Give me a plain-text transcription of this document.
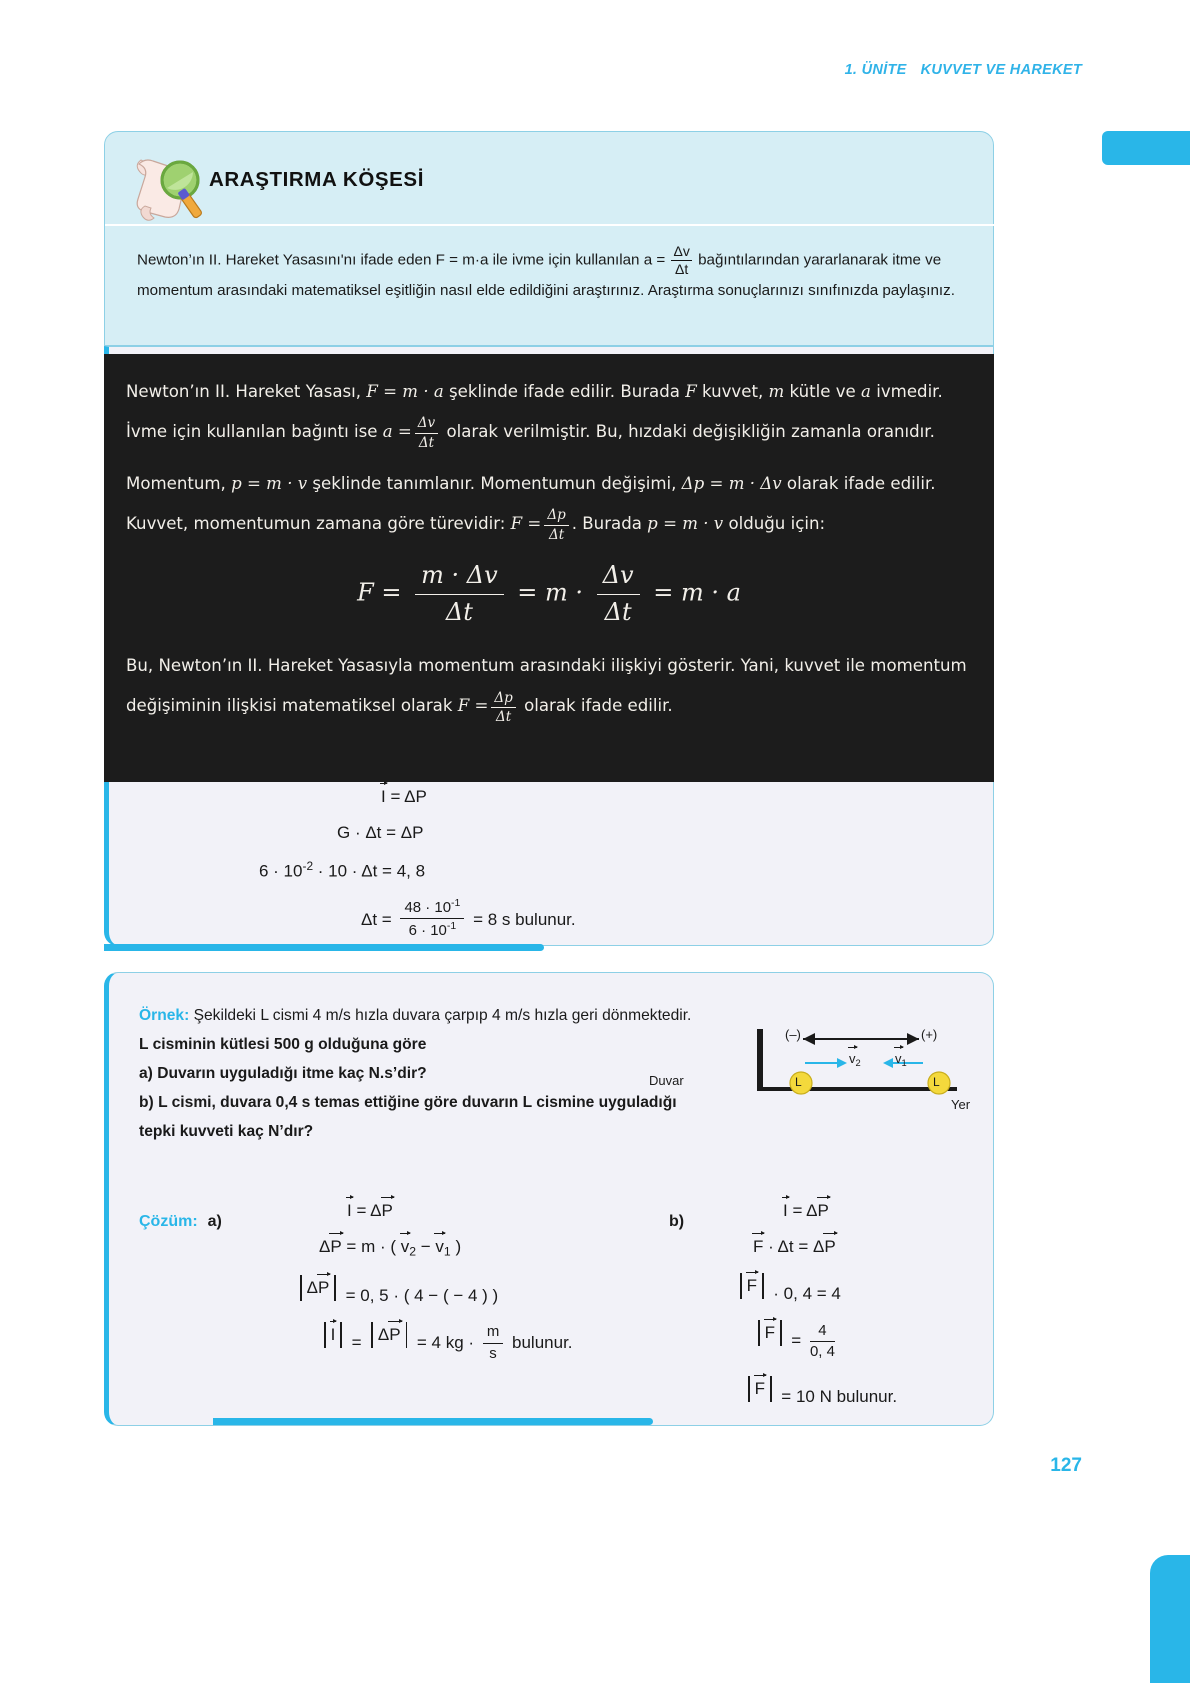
1. ÜNİTE KUVVET VE HAREKET
ARAŞTIRMA KÖŞESİ

Newton’ın II. Hareket Yasasını'nı ifade eden F = m·a ile ivme için kullanılan $a = \frac{\Delta v}{\Delta t}$ bağıntılarından yararlanarak itme ve momentum arasındaki matematiksel eşitliğin nasıl elde edildiğini araştırınız. Araştırma sonuçlarınızı sınıfınızda paylaşınız.

I = ΔP
G · Δt = ΔP
$6 \cdot 10^{-2} \cdot 10 \cdot \Delta t = 4$, 8
$\Delta t = \frac{48 \cdot 10^{-1}}{6 \cdot 10^{-1}} = 8$ s bulunur.

Newton’ın II. Hareket Yasası, F = m · a şeklinde ifade edilir. Burada F kuvvet, m kütle ve a ivmedir. İvme için kullanılan bağıntı ise $a = \frac{\Delta v}{\Delta t}$ olarak verilmiştir. Bu, hızdaki değişikliğin zamanla oranıdır.

Momentum, p = m · v şeklinde tanımlanır. Momentumun değişimi, Δp = m · Δv olarak ifade edilir. Kuvvet, momentumun zamana göre türevidir: $F = \frac{\Delta p}{\Delta t}$ . Burada p = m · v olduğu için:

$F = \frac{m \cdot \Delta v}{\Delta t} = m \cdot \frac{\Delta v}{\Delta t} = m \cdot a$

Bu, Newton’ın II. Hareket Yasasıyla momentum arasındaki ilişkiyi gösterir. Yani, kuvvet ile momentum değişiminin ilişkisi matematiksel olarak $F = \frac{\Delta p}{\Delta t}$ olarak ifade edilir.

Örnek: Şekildeki L cismi 4 m/s hızla duvara çarpıp 4 m/s hızla geri dönmektedir.
L cisminin kütlesi 500 g olduğuna göre
a) Duvarın uyguladığı itme kaç N.s’dir?
b) L cismi, duvara 0,4 s temas ettiğine göre duvarın L cismine uyguladığı tepki kuvveti kaç N’dır?
Duvar
(–)	(+)
$v_2$	$v_1$
L	L
Yer
Çözüm: a)
I = ΔP
ΔP = m · ( $v_2 - v_1$ )
Δ P = 0, 5 · ( 4 − ( − 4 ) )
I =
Δ P = 4 kg · $\frac{m}{s}$ bulunur.
b)
I = ΔP
F · Δt = ΔP
F · 0, 4 = 4
$F = \frac{4}{0, 4}$
F = 10 N bulunur.
127
